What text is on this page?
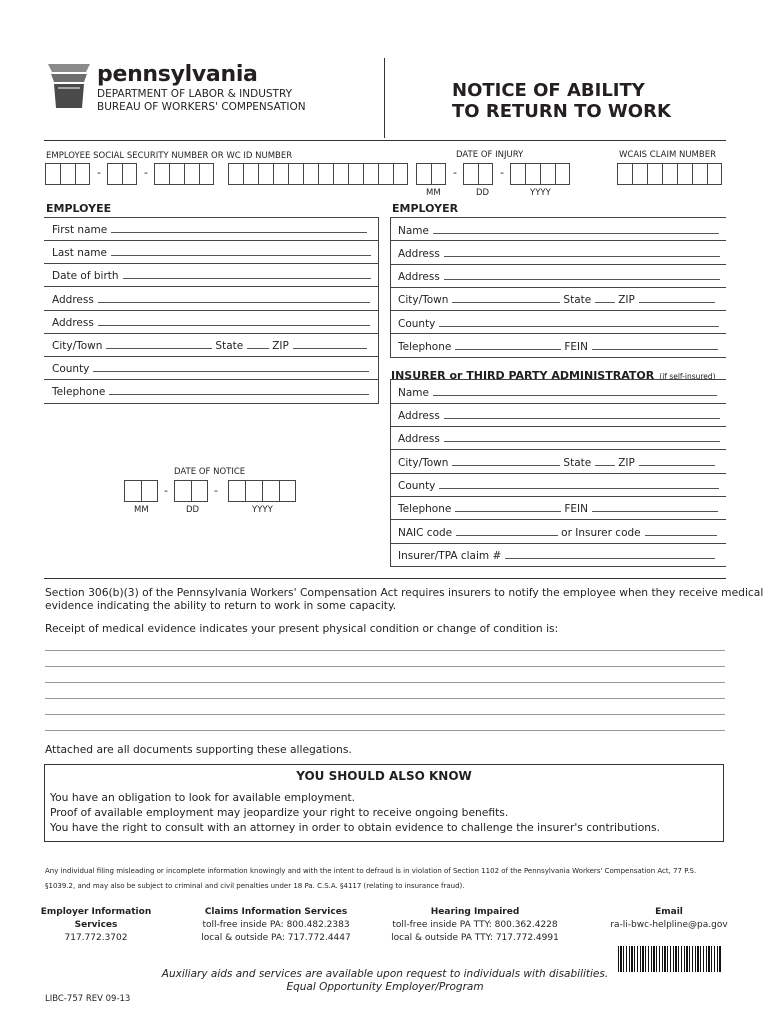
pennsylvania
DEPARTMENT OF LABOR & INDUSTRY
BUREAU OF WORKERS' COMPENSATION
NOTICE OF ABILITY
TO RETURN TO WORK
EMPLOYEE SOCIAL SECURITY NUMBER OR WC ID NUMBER	DATE OF INJURY	WCAIS CLAIM NUMBER
-	-	-	-
MM	DD	YYYY
EMPLOYEE	EMPLOYER
First name
Last name
Date of birth
Address
Address
City/Town	State	ZIP
County
Telephone
Name
Address
Address
City/Town	State	ZIP
County
Telephone	FEIN
INSURER or THIRD PARTY ADMINISTRATOR (if self-insured)
Name
Address
Address
City/Town	State	ZIP
County
Telephone	FEIN
NAIC code	or Insurer code
Insurer/TPA claim #
DATE OF NOTICE
-	-
MM	DD	YYYY
Section 306(b)(3) of the Pennsylvania Workers' Compensation Act requires insurers to notify the employee when they receive medical
evidence indicating the ability to return to work in some capacity.
Receipt of medical evidence indicates your present physical condition or change of condition is:
Attached are all documents supporting these allegations.
YOU SHOULD ALSO KNOW
You have an obligation to look for available employment.
Proof of available employment may jeopardize your right to receive ongoing benefits.
You have the right to consult with an attorney in order to obtain evidence to challenge the insurer's contributions.
Any individual filing misleading or incomplete information knowingly and with the intent to defraud is in violation of Section 1102 of the Pennsylvania Workers' Compensation Act, 77 P.S.
§1039.2, and may also be subject to criminal and civil penalties under 18 Pa. C.S.A. §4117 (relating to insurance fraud).
Employer Information
Services
717.772.3702
Claims Information Services
toll-free inside PA: 800.482.2383
local & outside PA: 717.772.4447
Hearing Impaired
toll-free inside PA TTY: 800.362.4228
local & outside PA TTY: 717.772.4991
Email
ra-li-bwc-helpline@pa.gov
Auxiliary aids and services are available upon request to individuals with disabilities.
Equal Opportunity Employer/Program
LIBC-757 REV 09-13
